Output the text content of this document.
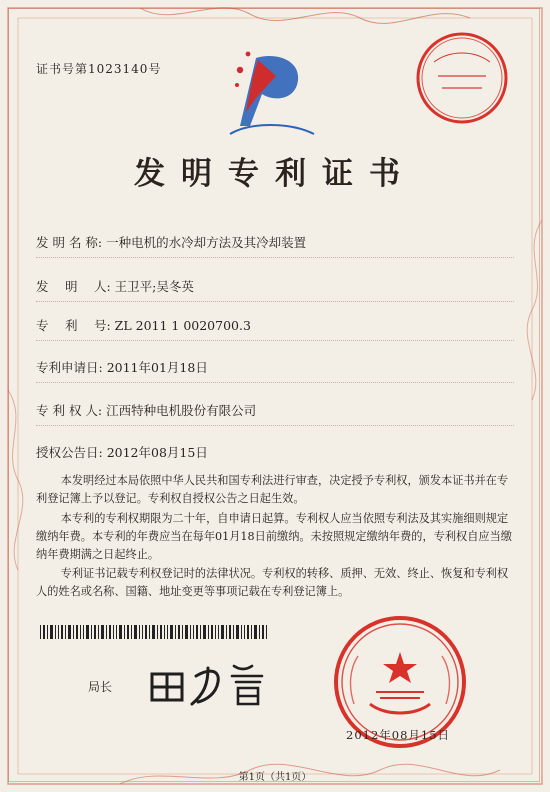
证书号第1023140号
发明专利证书
发 明 名 称: 一种电机的水冷却方法及其冷却装置
发　 明　 人: 王卫平;吴冬英
专　 利　 号: ZL 2011 1 0020700.3
专利申请日: 2011年01月18日
专 利 权 人: 江西特种电机股份有限公司
授权公告日: 2012年08月15日
本发明经过本局依照中华人民共和国专利法进行审查，决定授予专利权，颁发本证书并在专利登记簿上予以登记。专利权自授权公告之日起生效。
本专利的专利权期限为二十年，自申请日起算。专利权人应当依照专利法及其实施细则规定缴纳年费。本专利的年费应当在每年01月18日前缴纳。未按照规定缴纳年费的，专利权自应当缴纳年费期满之日起终止。
专利证书记载专利权登记时的法律状况。专利权的转移、质押、无效、终止、恢复和专利权人的姓名或名称、国籍、地址变更等事项记载在专利登记簿上。
局长
2012年08月15日
第1页（共1页）
